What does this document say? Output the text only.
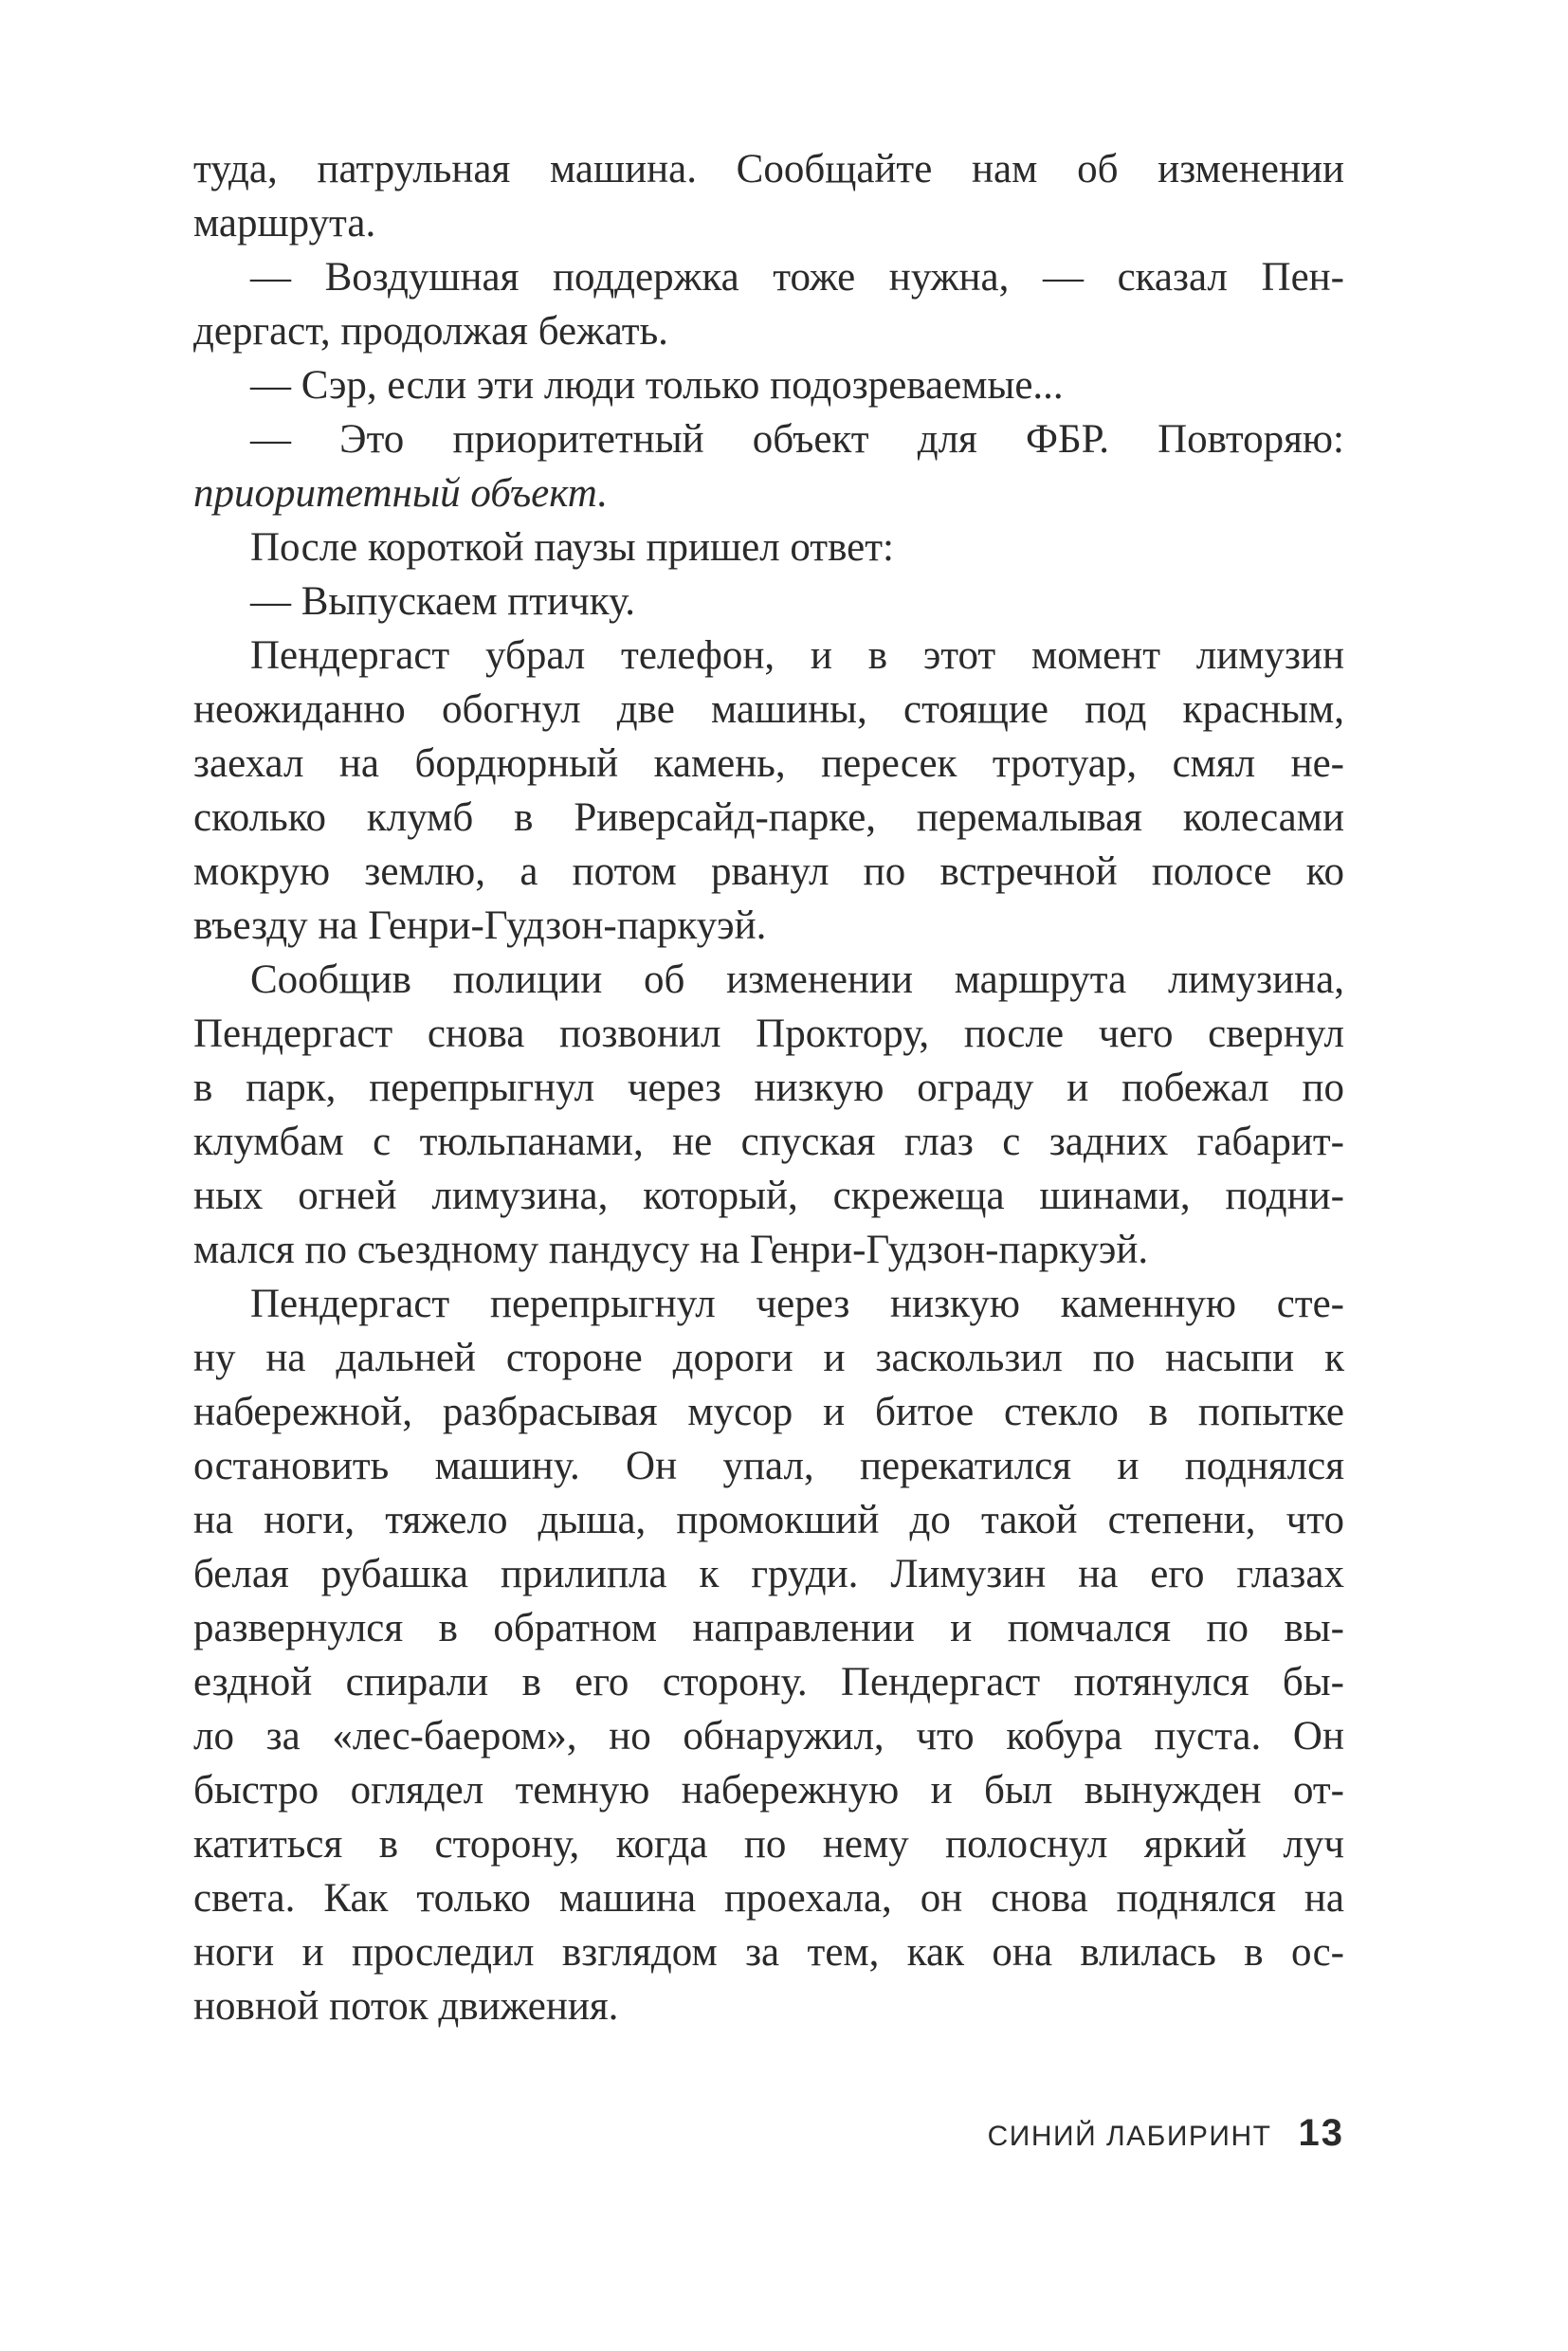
туда, патрульная машина. Сообщайте нам об изменении
маршрута.
— Воздушная поддержка тоже нужна, — сказал Пен-
дергаст, продолжая бежать.
— Сэр, если эти люди только подозреваемые...
— Это приоритетный объект для ФБР. Повторяю:
приоритетный объект.
После короткой паузы пришел ответ:
— Выпускаем птичку.
Пендергаст убрал телефон, и в этот момент лимузин
неожиданно обогнул две машины, стоящие под красным,
заехал на бордюрный камень, пересек тротуар, смял не-
сколько клумб в Риверсайд-парке, перемалывая колесами
мокрую землю, а потом рванул по встречной полосе ко
въезду на Генри-Гудзон-паркуэй.
Сообщив полиции об изменении маршрута лимузина,
Пендергаст снова позвонил Проктору, после чего свернул
в парк, перепрыгнул через низкую ограду и побежал по
клумбам с тюльпанами, не спуская глаз с задних габарит-
ных огней лимузина, который, скрежеща шинами, подни-
мался по съездному пандусу на Генри-Гудзон-паркуэй.
Пендергаст перепрыгнул через низкую каменную сте-
ну на дальней стороне дороги и заскользил по насыпи к
набережной, разбрасывая мусор и битое стекло в попытке
остановить машину. Он упал, перекатился и поднялся
на ноги, тяжело дыша, промокший до такой степени, что
белая рубашка прилипла к груди. Лимузин на его глазах
развернулся в обратном направлении и помчался по вы-
ездной спирали в его сторону. Пендергаст потянулся бы-
ло за «лес-баером», но обнаружил, что кобура пуста. Он
быстро оглядел темную набережную и был вынужден от-
катиться в сторону, когда по нему полоснул яркий луч
света. Как только машина проехала, он снова поднялся на
ноги и проследил взглядом за тем, как она влилась в ос-
новной поток движения.
СИНИЙ ЛАБИРИНТ 13
